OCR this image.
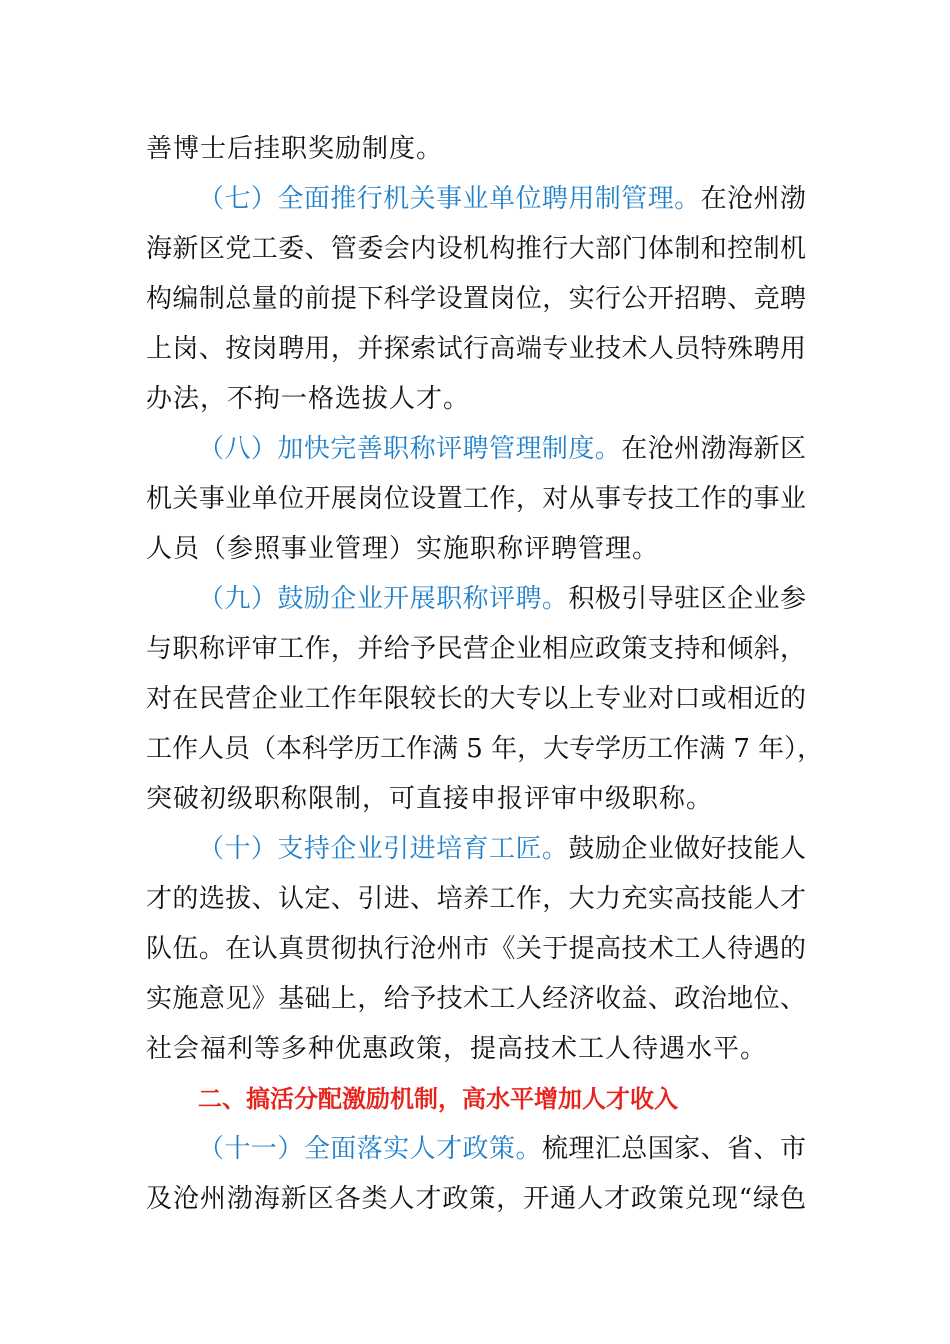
善博士后挂职奖励制度。
（七）全面推行机关事业单位聘用制管理。在沧州渤
海新区党工委、管委会内设机构推行大部门体制和控制机
构编制总量的前提下科学设置岗位，实行公开招聘、竞聘
上岗、按岗聘用，并探索试行高端专业技术人员特殊聘用
办法，不拘一格选拔人才。
（八）加快完善职称评聘管理制度。在沧州渤海新区
机关事业单位开展岗位设置工作，对从事专技工作的事业
人员（参照事业管理）实施职称评聘管理。
（九）鼓励企业开展职称评聘。积极引导驻区企业参
与职称评审工作，并给予民营企业相应政策支持和倾斜，
对在民营企业工作年限较长的大专以上专业对口或相近的
工作人员（本科学历工作满 5 年，大专学历工作满 7 年），
突破初级职称限制，可直接申报评审中级职称。
（十）支持企业引进培育工匠。鼓励企业做好技能人
才的选拔、认定、引进、培养工作，大力充实高技能人才
队伍。在认真贯彻执行沧州市《关于提高技术工人待遇的
实施意见》基础上，给予技术工人经济收益、政治地位、
社会福利等多种优惠政策，提高技术工人待遇水平。
二、搞活分配激励机制，高水平增加人才收入
（十一）全面落实人才政策。梳理汇总国家、省、市
及沧州渤海新区各类人才政策，开通人才政策兑现“绿色
